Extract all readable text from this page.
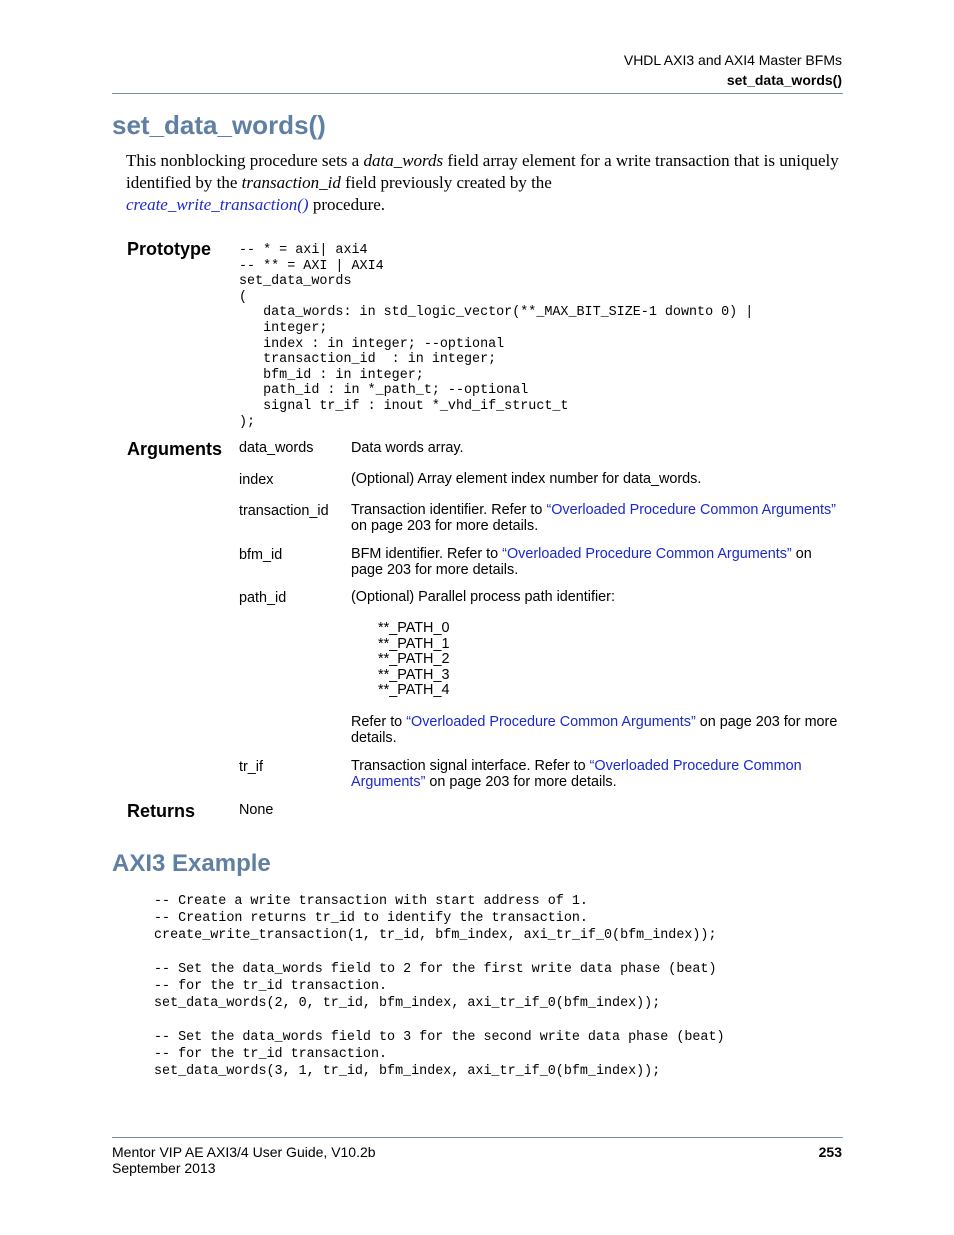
VHDL AXI3 and AXI4 Master BFMs
set_data_words()
set_data_words()
This nonblocking procedure sets a data_words field array element for a write transaction that is uniquely identified by the transaction_id field previously created by the
create_write_transaction() procedure.
Prototype -- * = axi| axi4
-- ** = AXI | AXI4
set_data_words
(
data_words: in std_logic_vector(**_MAX_BIT_SIZE-1 downto 0) |
integer;
index : in integer; --optional
transaction_id  : in integer;
bfm_id : in integer;
path_id : in *_path_t; --optional
signal tr_if : inout *_vhd_if_struct_t
);
Arguments data_words	Data words array.
index	(Optional) Array element index number for data_words.
transaction_id Transaction identifier. Refer to “Overloaded Procedure Common Arguments” on page 203 for more details.
bfm_id	BFM identifier. Refer to “Overloaded Procedure Common Arguments” on page 203 for more details.
path_id	(Optional) Parallel process path identifier:
**_PATH_0
**_PATH_1
**_PATH_2
**_PATH_3
**_PATH_4
Refer to “Overloaded Procedure Common Arguments” on page 203 for more details.
tr_if	Transaction signal interface. Refer to “Overloaded Procedure Common Arguments” on page 203 for more details.
Returns	None
AXI3 Example
-- Create a write transaction with start address of 1.
-- Creation returns tr_id to identify the transaction.
create_write_transaction(1, tr_id, bfm_index, axi_tr_if_0(bfm_index));

-- Set the data_words field to 2 for the first write data phase (beat)
-- for the tr_id transaction.
set_data_words(2, 0, tr_id, bfm_index, axi_tr_if_0(bfm_index));

-- Set the data_words field to 3 for the second write data phase (beat)
-- for the tr_id transaction.
set_data_words(3, 1, tr_id, bfm_index, axi_tr_if_0(bfm_index));
Mentor VIP AE AXI3/4 User Guide, V10.2b
September 2013
253
